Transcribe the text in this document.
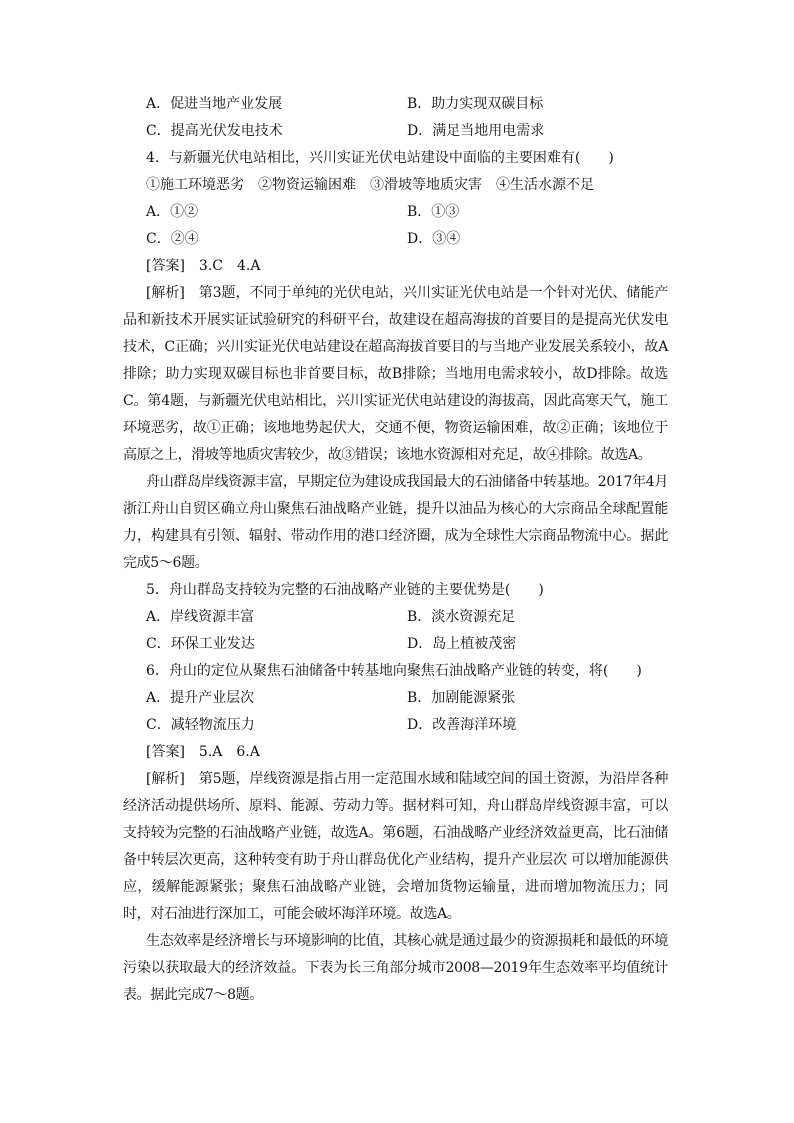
A．促进当地产业发展	B．助力实现双碳目标
C．提高光伏发电技术	D．满足当地用电需求
4．与新疆光伏电站相比，兴川实证光伏电站建设中面临的主要困难有(　　)
①施工环境恶劣　②物资运输困难　③滑坡等地质灾害　④生活水源不足
A．①②	B．①③
C．②④	D．③④
[答案]　3.C　4.A

[解析]　第3题，不同于单纯的光伏电站，兴川实证光伏电站是一个针对光伏、储能产品和新技术开展实证试验研究的科研平台，故建设在超高海拔的首要目的是提高光伏发电技术，C正确；兴川实证光伏电站建设在超高海拔首要目的与当地产业发展关系较小，故A排除；助力实现双碳目标也非首要目标，故B排除；当地用电需求较小，故D排除。故选C。第4题，与新疆光伏电站相比，兴川实证光伏电站建设的海拔高，因此高寒天气，施工环境恶劣，故①正确；该地地势起伏大，交通不便，物资运输困难，故②正确；该地位于高原之上，滑坡等地质灾害较少，故③错误；该地水资源相对充足，故④排除。故选A。

舟山群岛岸线资源丰富，早期定位为建设成我国最大的石油储备中转基地。2017年4月浙江舟山自贸区确立舟山聚焦石油战略产业链，提升以油品为核心的大宗商品全球配置能力，构建具有引领、辐射、带动作用的港口经济圈，成为全球性大宗商品物流中心。据此完成5～6题。

5．舟山群岛支持较为完整的石油战略产业链的主要优势是(　　)
A．岸线资源丰富	B．淡水资源充足
C．环保工业发达	D．岛上植被茂密
6．舟山的定位从聚焦石油储备中转基地向聚焦石油战略产业链的转变，将(　　)
A．提升产业层次	B．加剧能源紧张
C．减轻物流压力	D．改善海洋环境
[答案]　5.A　6.A

[解析]　第5题，岸线资源是指占用一定范围水域和陆域空间的国土资源，为沿岸各种经济活动提供场所、原料、能源、劳动力等。据材料可知，舟山群岛岸线资源丰富，可以支持较为完整的石油战略产业链，故选A。第6题，石油战略产业经济效益更高，比石油储备中转层次更高，这种转变有助于舟山群岛优化产业结构，提升产业层次 可以增加能源供应，缓解能源紧张；聚焦石油战略产业链，会增加货物运输量，进而增加物流压力；同时，对石油进行深加工，可能会破坏海洋环境。故选A。

生态效率是经济增长与环境影响的比值，其核心就是通过最少的资源损耗和最低的环境污染以获取最大的经济效益。下表为长三角部分城市2008—2019年生态效率平均值统计表。据此完成7～8题。
